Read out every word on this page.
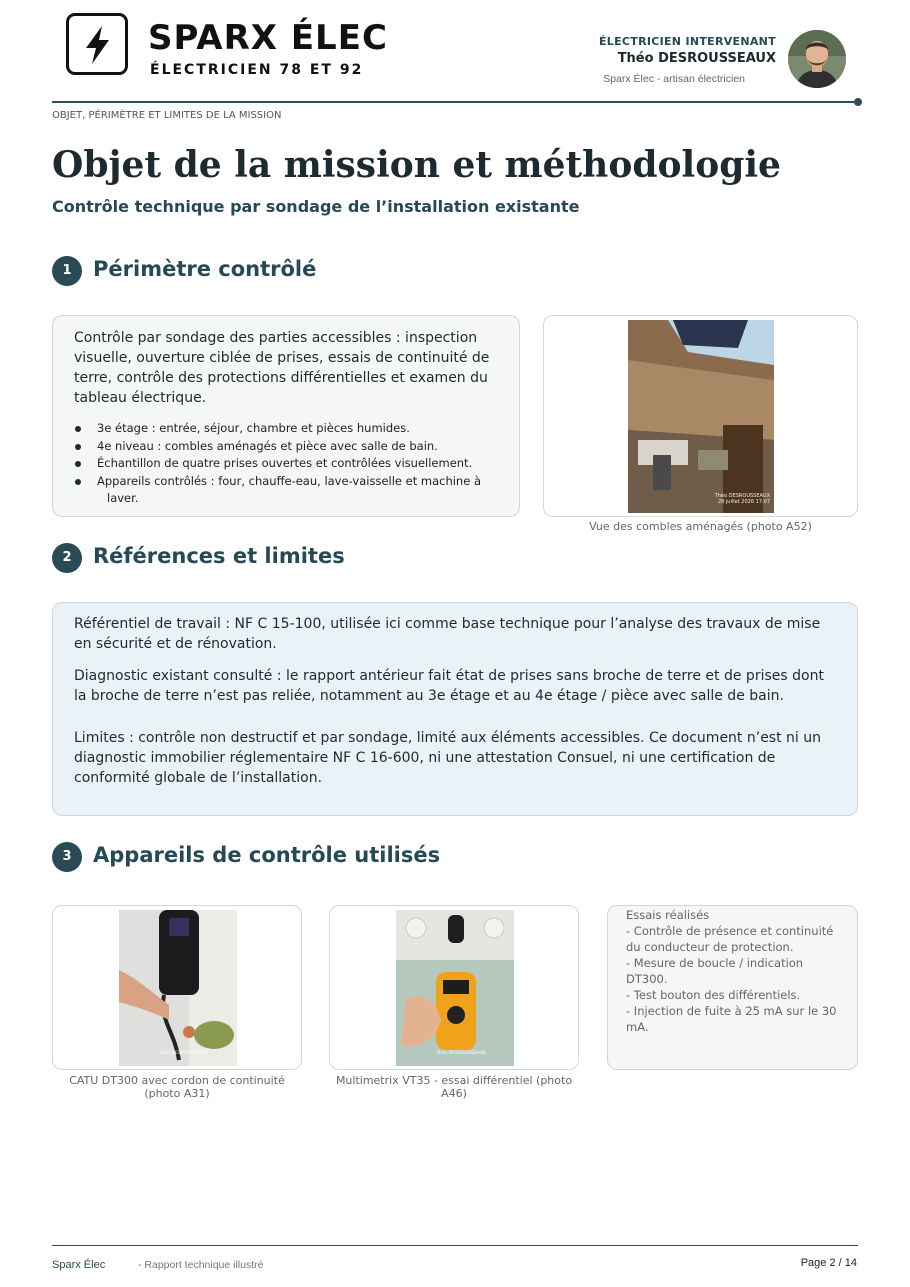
SPARX ÉLEC
ÉLECTRICIEN 78 ET 92
ÉLECTRICIEN INTERVENANT
Théo DESROUSSEAUX
Sparx Élec - artisan électricien
OBJET, PÉRIMÈTRE ET LIMITES DE LA MISSION
Objet de la mission et méthodologie
Contrôle technique par sondage de l’installation existante
1	Périmètre contrôlé

Contrôle par sondage des parties accessibles : inspection visuelle, ouverture ciblée de prises, essais de continuité de terre, contrôle des protections différentielles et examen du tableau électrique.

3e étage : entrée, séjour, chambre et pièces humides.
4e niveau : combles aménagés et pièce avec salle de bain.
Échantillon de quatre prises ouvertes et contrôlées visuellement.
Appareils contrôlés : four, chauffe-eau, lave-vaisselle et machine à
laver.	Théo DESROUSSEAUX
28 juillet 2026 17:07
Vue des combles aménagés (photo A52)
2	Références et limites

Référentiel de travail : NF C 15-100, utilisée ici comme base technique pour l’analyse des travaux de mise en sécurité et de rénovation.

Diagnostic existant consulté : le rapport antérieur fait état de prises sans broche de terre et de prises dont la broche de terre n’est pas reliée, notamment au 3e étage et au 4e étage / pièce avec salle de bain.

Limites : contrôle non destructif et par sondage, limité aux éléments accessibles. Ce document n’est ni un diagnostic immobilier réglementaire NF C 16-600, ni une attestation Consuel, ni une certification de conformité globale de l’installation.

3	Appareils de contrôle utilisés
Théo DESROUSSEAUX
CATU DT300 avec cordon de continuité (photo A31)
Théo DESROUSSEAUX
Multimetrix VT35 - essai différentiel (photo A46)
Essais réalisés
- Contrôle de présence et continuité
du conducteur de protection.
- Mesure de boucle / indication
DT300.
- Test bouton des différentiels.
- Injection de fuite à 25 mA sur le 30
mA.
Sparx Élec	- Rapport technique illustré	Page 2 / 14
